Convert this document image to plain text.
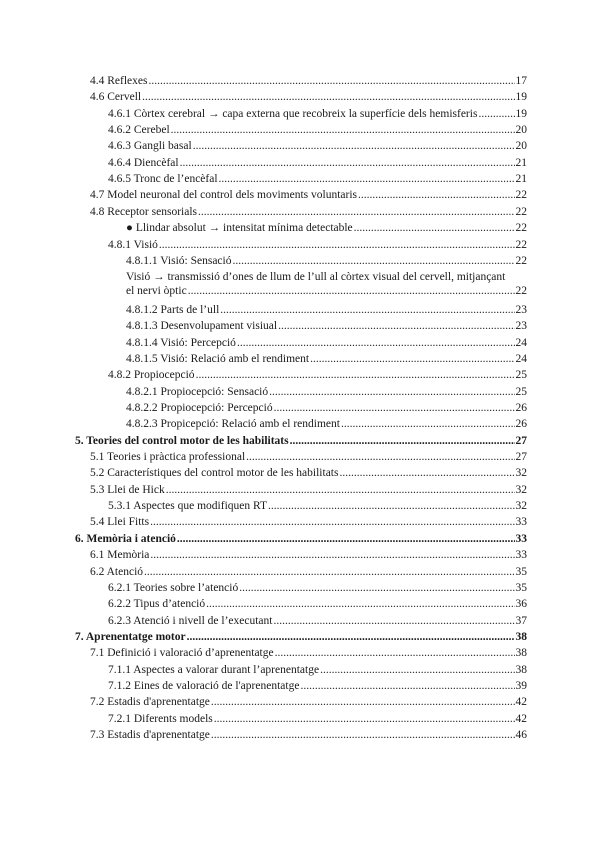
4.4 Reflexes .....	17
4.6 Cervell .....	19
4.6.1 Còrtex cerebral → capa externa que recobreix la superfície dels hemisferis .....	19
4.6.2 Cerebel .....	20
4.6.3 Gangli basal .....	20
4.6.4 Diencèfal .....	21
4.6.5 Tronc de l’encèfal .....	21
4.7 Model neuronal del control dels moviments voluntaris .....	22
4.8 Receptor sensorials .....	22
● Llindar absolut → intensitat mínima detectable .....	22
4.8.1 Visió .....	22
4.8.1.1 Visió: Sensació .....	22
Visió → transmissió d’ones de llum de l’ull al còrtex visual del cervell, mitjançant
el nervi òptic .....	22
4.8.1.2 Parts de l’ull .....	23
4.8.1.3 Desenvolupament visiual .....	23
4.8.1.4 Visió: Percepció .....	24
4.8.1.5 Visió: Relació amb el rendiment .....	24
4.8.2 Propiocepció .....	25
4.8.2.1 Propiocepció: Sensació .....	25
4.8.2.2 Propiocepció: Percepció .....	26
4.8.2.3 Propicepció: Relació amb el rendiment .....	26
5. Teories del control motor de les habilitats .....	27
5.1 Teories i pràctica professional .....	27
5.2 Característiques del control motor de les habilitats .....	32
5.3 Llei de Hick .....	32
5.3.1 Aspectes que modifiquen RT .....	32
5.4 Llei Fitts .....	33
6. Memòria i atenció .....	33
6.1 Memòria .....	33
6.2 Atenció .....	35
6.2.1 Teories sobre l’atenció .....	35
6.2.2 Tipus d’atenció .....	36
6.2.3 Atenció i nivell de l’executant .....	37
7. Aprenentatge motor .....	38
7.1 Definició i valoració d’aprenentatge .....	38
7.1.1 Aspectes a valorar durant l’aprenentatge .....	38
7.1.2 Eines de valoració de l'aprenentatge .....	39
7.2 Estadis d'aprenentatge .....	42
7.2.1 Diferents models .....	42
7.3 Estadis d'aprenentatge .....	46
